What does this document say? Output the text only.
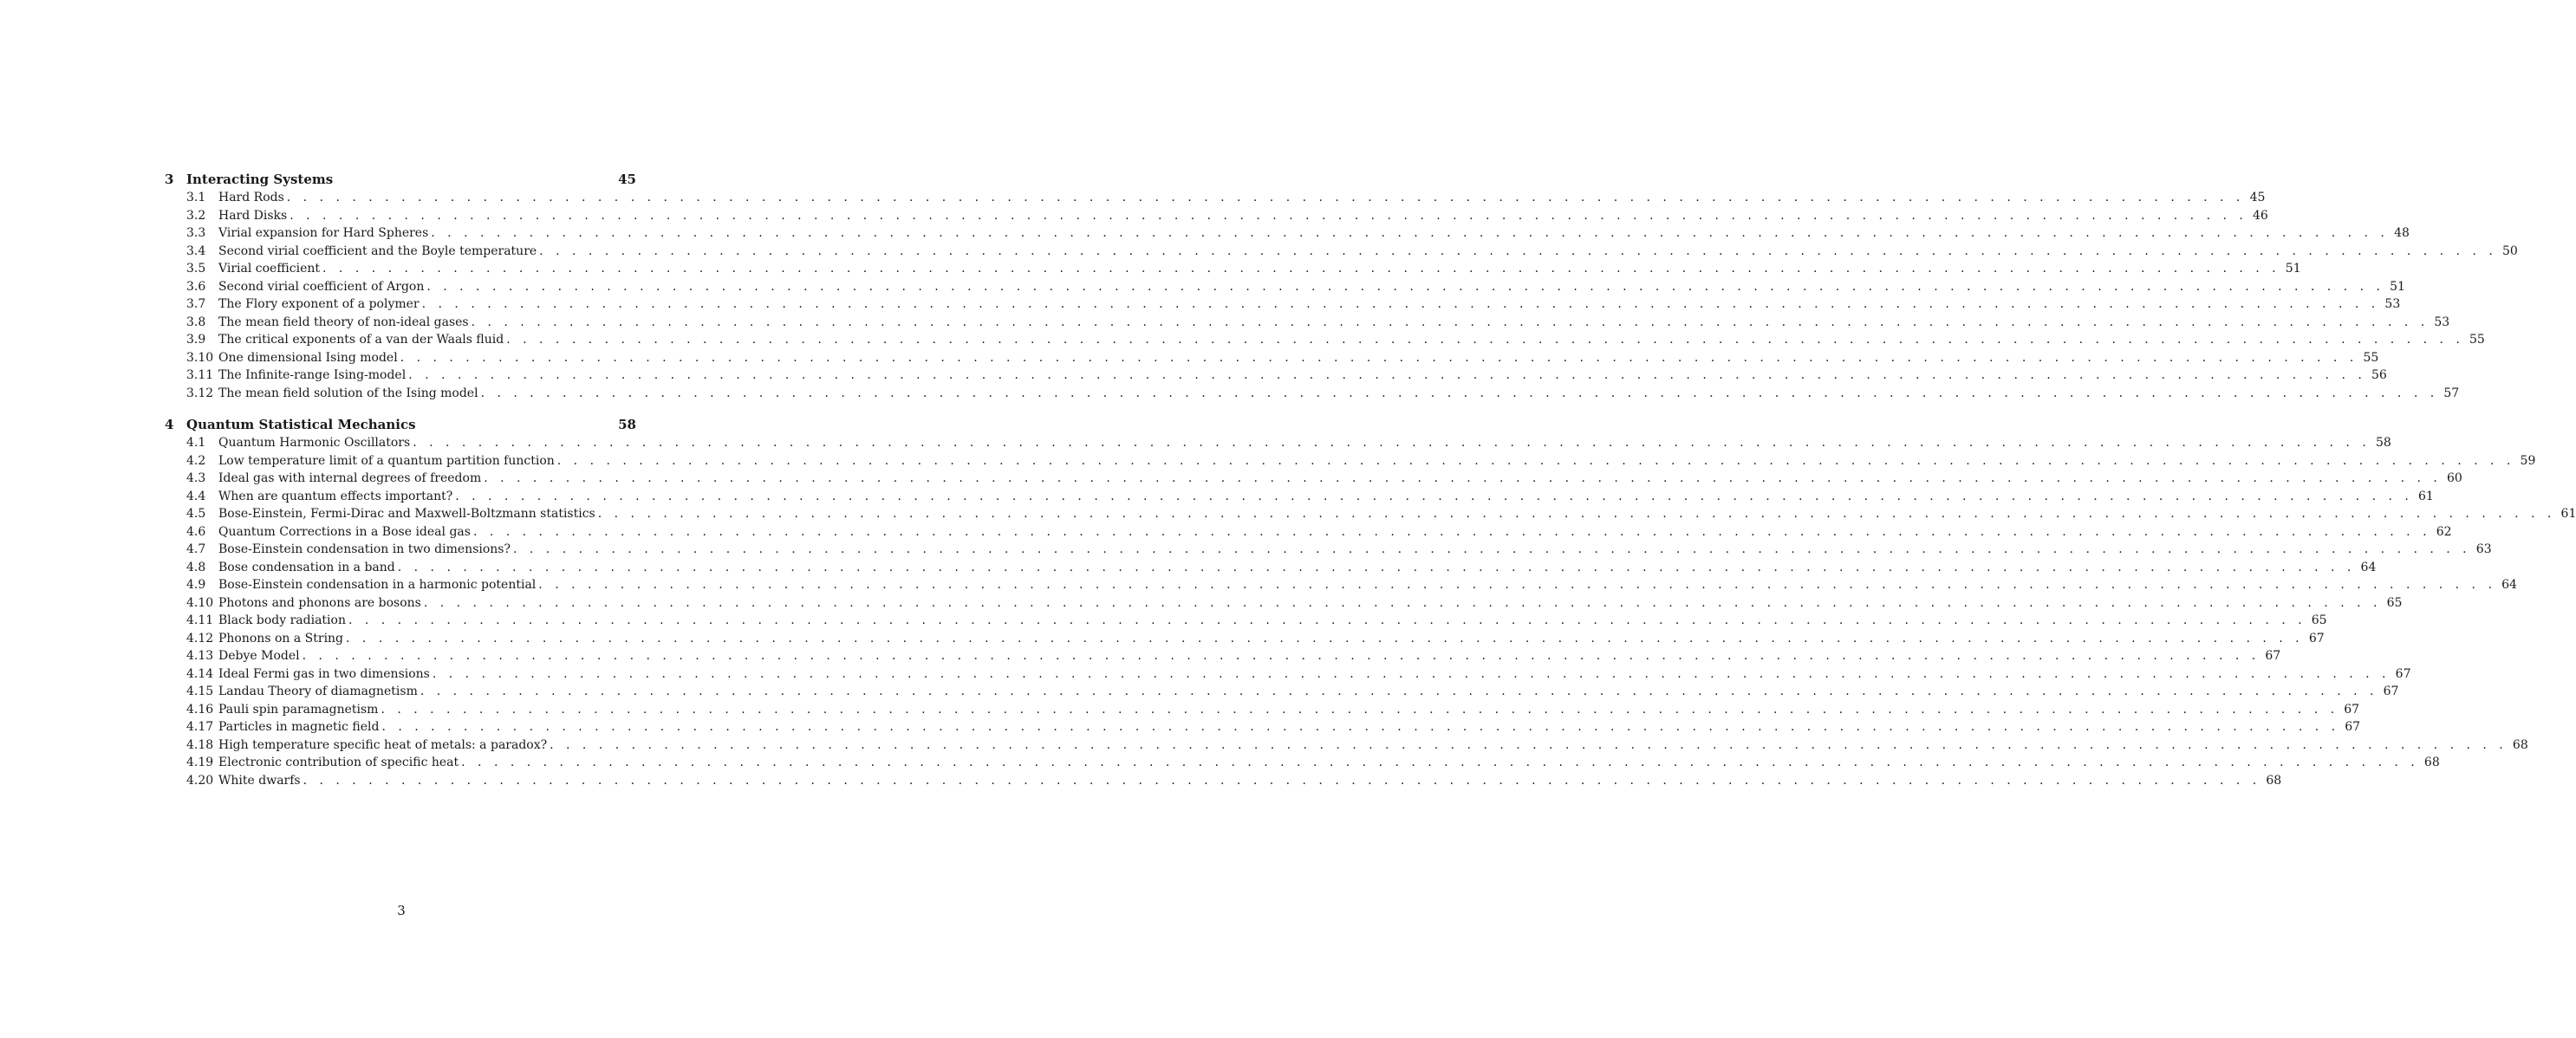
3 Interacting Systems	45
3.1	Hard Rods . . . . . . . . . . . . . . . . . . . . . . . . . . . . . . . . . . . . . . . . . . . . . . . . . . . . . . . . . . . . . . . . . . . . . . . . . . . . . . . . . . . . . . . . . . . . . . . . . . . . . . . . . . . . . . . . . . . . . . . . 45
3.2	Hard Disks . . . . . . . . . . . . . . . . . . . . . . . . . . . . . . . . . . . . . . . . . . . . . . . . . . . . . . . . . . . . . . . . . . . . . . . . . . . . . . . . . . . . . . . . . . . . . . . . . . . . . . . . . . . . . . . . . . . . . . . . 46
3.3	Virial expansion for Hard Spheres . . . . . . . . . . . . . . . . . . . . . . . . . . . . . . . . . . . . . . . . . . . . . . . . . . . . . . . . . . . . . . . . . . . . . . . . . . . . . . . . . . . . . . . . . . . . . . . . . . . . . . . . . . . . . . . . . . . . . . . . 48
3.4	Second virial coefficient and the Boyle temperature . . . . . . . . . . . . . . . . . . . . . . . . . . . . . . . . . . . . . . . . . . . . . . . . . . . . . . . . . . . . . . . . . . . . . . . . . . . . . . . . . . . . . . . . . . . . . . . . . . . . . . . . . . . . . . . . . . . . . . . . 50
3.5	Virial coefficient . . . . . . . . . . . . . . . . . . . . . . . . . . . . . . . . . . . . . . . . . . . . . . . . . . . . . . . . . . . . . . . . . . . . . . . . . . . . . . . . . . . . . . . . . . . . . . . . . . . . . . . . . . . . . . . . . . . . . . . . 51
3.6	Second virial coefficient of Argon . . . . . . . . . . . . . . . . . . . . . . . . . . . . . . . . . . . . . . . . . . . . . . . . . . . . . . . . . . . . . . . . . . . . . . . . . . . . . . . . . . . . . . . . . . . . . . . . . . . . . . . . . . . . . . . . . . . . . . . . 51
3.7	The Flory exponent of a polymer . . . . . . . . . . . . . . . . . . . . . . . . . . . . . . . . . . . . . . . . . . . . . . . . . . . . . . . . . . . . . . . . . . . . . . . . . . . . . . . . . . . . . . . . . . . . . . . . . . . . . . . . . . . . . . . . . . . . . . . . 53
3.8	The mean field theory of non-ideal gases . . . . . . . . . . . . . . . . . . . . . . . . . . . . . . . . . . . . . . . . . . . . . . . . . . . . . . . . . . . . . . . . . . . . . . . . . . . . . . . . . . . . . . . . . . . . . . . . . . . . . . . . . . . . . . . . . . . . . . . . 53
3.9	The critical exponents of a van der Waals fluid . . . . . . . . . . . . . . . . . . . . . . . . . . . . . . . . . . . . . . . . . . . . . . . . . . . . . . . . . . . . . . . . . . . . . . . . . . . . . . . . . . . . . . . . . . . . . . . . . . . . . . . . . . . . . . . . . . . . . . . . 55
3.10 One dimensional Ising model . . . . . . . . . . . . . . . . . . . . . . . . . . . . . . . . . . . . . . . . . . . . . . . . . . . . . . . . . . . . . . . . . . . . . . . . . . . . . . . . . . . . . . . . . . . . . . . . . . . . . . . . . . . . . . . . . . . . . . . . 55
3.11 The Infinite-range Ising-model . . . . . . . . . . . . . . . . . . . . . . . . . . . . . . . . . . . . . . . . . . . . . . . . . . . . . . . . . . . . . . . . . . . . . . . . . . . . . . . . . . . . . . . . . . . . . . . . . . . . . . . . . . . . . . . . . . . . . . . . 56
3.12 The mean field solution of the Ising model . . . . . . . . . . . . . . . . . . . . . . . . . . . . . . . . . . . . . . . . . . . . . . . . . . . . . . . . . . . . . . . . . . . . . . . . . . . . . . . . . . . . . . . . . . . . . . . . . . . . . . . . . . . . . . . . . . . . . . . . 57
4 Quantum Statistical Mechanics	58
4.1	Quantum Harmonic Oscillators . . . . . . . . . . . . . . . . . . . . . . . . . . . . . . . . . . . . . . . . . . . . . . . . . . . . . . . . . . . . . . . . . . . . . . . . . . . . . . . . . . . . . . . . . . . . . . . . . . . . . . . . . . . . . . . . . . . . . . . . 58
4.2	Low temperature limit of a quantum partition function . . . . . . . . . . . . . . . . . . . . . . . . . . . . . . . . . . . . . . . . . . . . . . . . . . . . . . . . . . . . . . . . . . . . . . . . . . . . . . . . . . . . . . . . . . . . . . . . . . . . . . . . . . . . . . . . . . . . . . . . 59
4.3	Ideal gas with internal degrees of freedom . . . . . . . . . . . . . . . . . . . . . . . . . . . . . . . . . . . . . . . . . . . . . . . . . . . . . . . . . . . . . . . . . . . . . . . . . . . . . . . . . . . . . . . . . . . . . . . . . . . . . . . . . . . . . . . . . . . . . . . . 60
4.4	When are quantum effects important? . . . . . . . . . . . . . . . . . . . . . . . . . . . . . . . . . . . . . . . . . . . . . . . . . . . . . . . . . . . . . . . . . . . . . . . . . . . . . . . . . . . . . . . . . . . . . . . . . . . . . . . . . . . . . . . . . . . . . . . . 61
4.5	Bose-Einstein, Fermi-Dirac and Maxwell-Boltzmann statistics . . . . . . . . . . . . . . . . . . . . . . . . . . . . . . . . . . . . . . . . . . . . . . . . . . . . . . . . . . . . . . . . . . . . . . . . . . . . . . . . . . . . . . . . . . . . . . . . . . . . . . . . . . . . . . . . . . . . . . . . 61
4.6	Quantum Corrections in a Bose ideal gas . . . . . . . . . . . . . . . . . . . . . . . . . . . . . . . . . . . . . . . . . . . . . . . . . . . . . . . . . . . . . . . . . . . . . . . . . . . . . . . . . . . . . . . . . . . . . . . . . . . . . . . . . . . . . . . . . . . . . . . . 62
4.7	Bose-Einstein condensation in two dimensions? . . . . . . . . . . . . . . . . . . . . . . . . . . . . . . . . . . . . . . . . . . . . . . . . . . . . . . . . . . . . . . . . . . . . . . . . . . . . . . . . . . . . . . . . . . . . . . . . . . . . . . . . . . . . . . . . . . . . . . . . 63
4.8	Bose condensation in a band . . . . . . . . . . . . . . . . . . . . . . . . . . . . . . . . . . . . . . . . . . . . . . . . . . . . . . . . . . . . . . . . . . . . . . . . . . . . . . . . . . . . . . . . . . . . . . . . . . . . . . . . . . . . . . . . . . . . . . . . 64
4.9	Bose-Einstein condensation in a harmonic potential . . . . . . . . . . . . . . . . . . . . . . . . . . . . . . . . . . . . . . . . . . . . . . . . . . . . . . . . . . . . . . . . . . . . . . . . . . . . . . . . . . . . . . . . . . . . . . . . . . . . . . . . . . . . . . . . . . . . . . . . 64
4.10 Photons and phonons are bosons . . . . . . . . . . . . . . . . . . . . . . . . . . . . . . . . . . . . . . . . . . . . . . . . . . . . . . . . . . . . . . . . . . . . . . . . . . . . . . . . . . . . . . . . . . . . . . . . . . . . . . . . . . . . . . . . . . . . . . . . 65
4.11 Black body radiation . . . . . . . . . . . . . . . . . . . . . . . . . . . . . . . . . . . . . . . . . . . . . . . . . . . . . . . . . . . . . . . . . . . . . . . . . . . . . . . . . . . . . . . . . . . . . . . . . . . . . . . . . . . . . . . . . . . . . . . . 65
4.12 Phonons on a String . . . . . . . . . . . . . . . . . . . . . . . . . . . . . . . . . . . . . . . . . . . . . . . . . . . . . . . . . . . . . . . . . . . . . . . . . . . . . . . . . . . . . . . . . . . . . . . . . . . . . . . . . . . . . . . . . . . . . . . . 67
4.13 Debye Model . . . . . . . . . . . . . . . . . . . . . . . . . . . . . . . . . . . . . . . . . . . . . . . . . . . . . . . . . . . . . . . . . . . . . . . . . . . . . . . . . . . . . . . . . . . . . . . . . . . . . . . . . . . . . . . . . . . . . . . . 67
4.14 Ideal Fermi gas in two dimensions . . . . . . . . . . . . . . . . . . . . . . . . . . . . . . . . . . . . . . . . . . . . . . . . . . . . . . . . . . . . . . . . . . . . . . . . . . . . . . . . . . . . . . . . . . . . . . . . . . . . . . . . . . . . . . . . . . . . . . . . 67
4.15 Landau Theory of diamagnetism . . . . . . . . . . . . . . . . . . . . . . . . . . . . . . . . . . . . . . . . . . . . . . . . . . . . . . . . . . . . . . . . . . . . . . . . . . . . . . . . . . . . . . . . . . . . . . . . . . . . . . . . . . . . . . . . . . . . . . . . 67
4.16 Pauli spin paramagnetism . . . . . . . . . . . . . . . . . . . . . . . . . . . . . . . . . . . . . . . . . . . . . . . . . . . . . . . . . . . . . . . . . . . . . . . . . . . . . . . . . . . . . . . . . . . . . . . . . . . . . . . . . . . . . . . . . . . . . . . . 67
4.17 Particles in magnetic field . . . . . . . . . . . . . . . . . . . . . . . . . . . . . . . . . . . . . . . . . . . . . . . . . . . . . . . . . . . . . . . . . . . . . . . . . . . . . . . . . . . . . . . . . . . . . . . . . . . . . . . . . . . . . . . . . . . . . . . . 67
4.18 High temperature specific heat of metals: a paradox? . . . . . . . . . . . . . . . . . . . . . . . . . . . . . . . . . . . . . . . . . . . . . . . . . . . . . . . . . . . . . . . . . . . . . . . . . . . . . . . . . . . . . . . . . . . . . . . . . . . . . . . . . . . . . . . . . . . . . . . . 68
4.19 Electronic contribution of specific heat . . . . . . . . . . . . . . . . . . . . . . . . . . . . . . . . . . . . . . . . . . . . . . . . . . . . . . . . . . . . . . . . . . . . . . . . . . . . . . . . . . . . . . . . . . . . . . . . . . . . . . . . . . . . . . . . . . . . . . . . 68
4.20 White dwarfs . . . . . . . . . . . . . . . . . . . . . . . . . . . . . . . . . . . . . . . . . . . . . . . . . . . . . . . . . . . . . . . . . . . . . . . . . . . . . . . . . . . . . . . . . . . . . . . . . . . . . . . . . . . . . . . . . . . . . . . . 68
3
